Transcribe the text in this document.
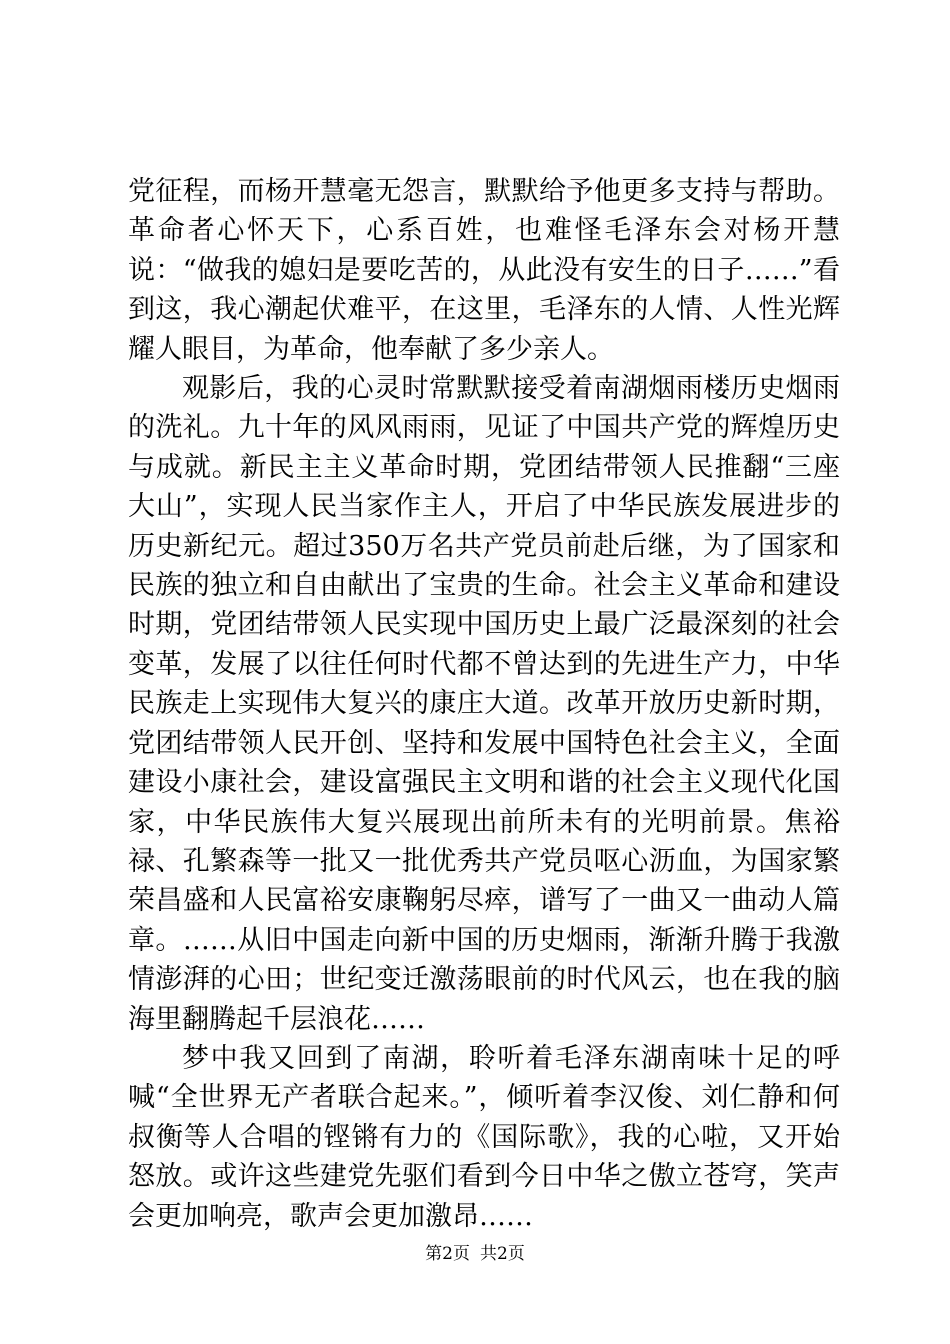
党征程，而杨开慧毫无怨言，默默给予他更多支持与帮助。革命者心怀天下，心系百姓，也难怪毛泽东会对杨开慧说：“做我的媳妇是要吃苦的，从此没有安生的日子……”看到这，我心潮起伏难平，在这里，毛泽东的人情、人性光辉耀人眼目，为革命，他奉献了多少亲人。

观影后，我的心灵时常默默接受着南湖烟雨楼历史烟雨的洗礼。九十年的风风雨雨，见证了中国共产党的辉煌历史与成就。新民主主义革命时期，党团结带领人民推翻“三座大山”，实现人民当家作主人，开启了中华民族发展进步的历史新纪元。超过350万名共产党员前赴后继，为了国家和民族的独立和自由献出了宝贵的生命。社会主义革命和建设时期，党团结带领人民实现中国历史上最广泛最深刻的社会变革，发展了以往任何时代都不曾达到的先进生产力，中华民族走上实现伟大复兴的康庄大道。改革开放历史新时期，党团结带领人民开创、坚持和发展中国特色社会主义，全面建设小康社会，建设富强民主文明和谐的社会主义现代化国家，中华民族伟大复兴展现出前所未有的光明前景。焦裕禄、孔繁森等一批又一批优秀共产党员呕心沥血，为国家繁荣昌盛和人民富裕安康鞠躬尽瘁，谱写了一曲又一曲动人篇章。……从旧中国走向新中国的历史烟雨，渐渐升腾于我激情澎湃的心田；世纪变迁激荡眼前的时代风云，也在我的脑海里翻腾起千层浪花……

梦中我又回到了南湖，聆听着毛泽东湖南味十足的呼喊“全世界无产者联合起来。”，倾听着李汉俊、刘仁静和何叔衡等人合唱的铿锵有力的《国际歌》，我的心啦，又开始怒放。或许这些建党先驱们看到今日中华之傲立苍穹，笑声会更加响亮，歌声会更加激昂……

第2页 共2页
